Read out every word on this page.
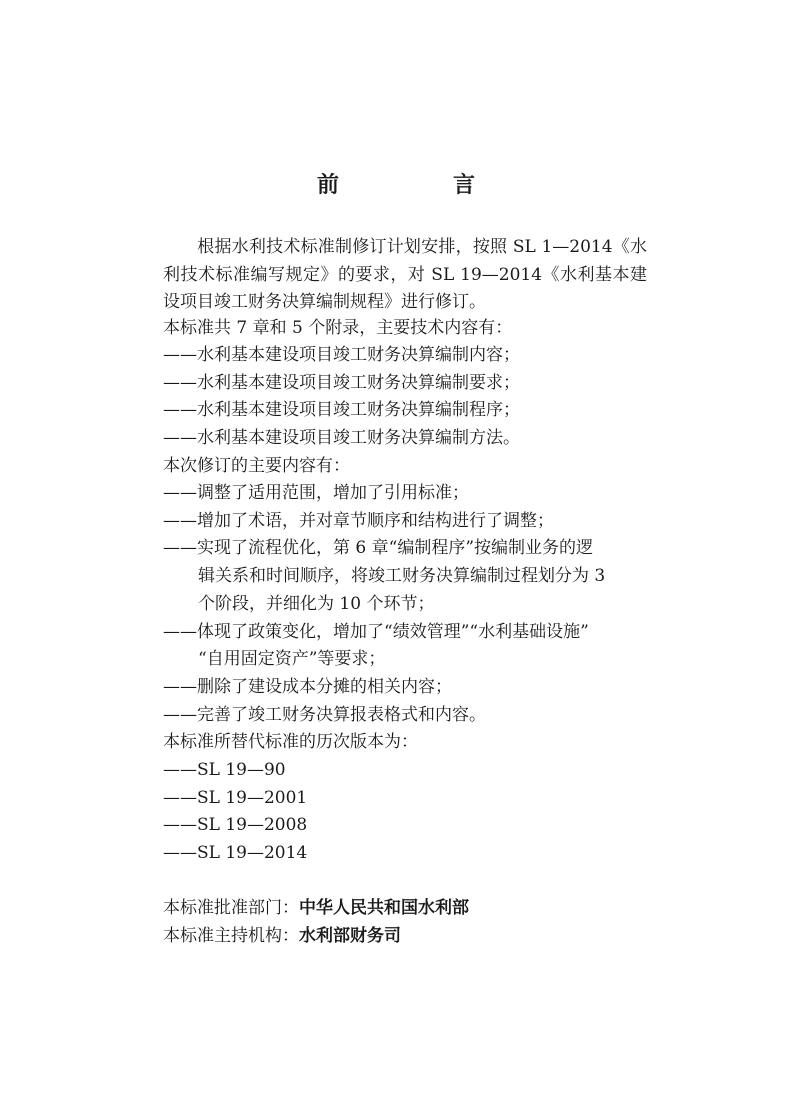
前　言
根据水利技术标准制修订计划安排，按照 SL 1—2014《水利技术标准编写规定》的要求，对 SL 19—2014《水利基本建设项目竣工财务决算编制规程》进行修订。
本标准共 7 章和 5 个附录，主要技术内容有：
——水利基本建设项目竣工财务决算编制内容；
——水利基本建设项目竣工财务决算编制要求；
——水利基本建设项目竣工财务决算编制程序；
——水利基本建设项目竣工财务决算编制方法。
本次修订的主要内容有：
——调整了适用范围，增加了引用标准；
——增加了术语，并对章节顺序和结构进行了调整；
——实现了流程优化，第 6 章“编制程序”按编制业务的逻
辑关系和时间顺序，将竣工财务决算编制过程划分为 3
个阶段，并细化为 10 个环节；
——体现了政策变化，增加了“绩效管理”“水利基础设施”
“自用固定资产”等要求；
——删除了建设成本分摊的相关内容；
——完善了竣工财务决算报表格式和内容。
本标准所替代标准的历次版本为：
——SL 19—90
——SL 19—2001
——SL 19—2008
——SL 19—2014
本标准批准部门：中华人民共和国水利部
本标准主持机构：水利部财务司
